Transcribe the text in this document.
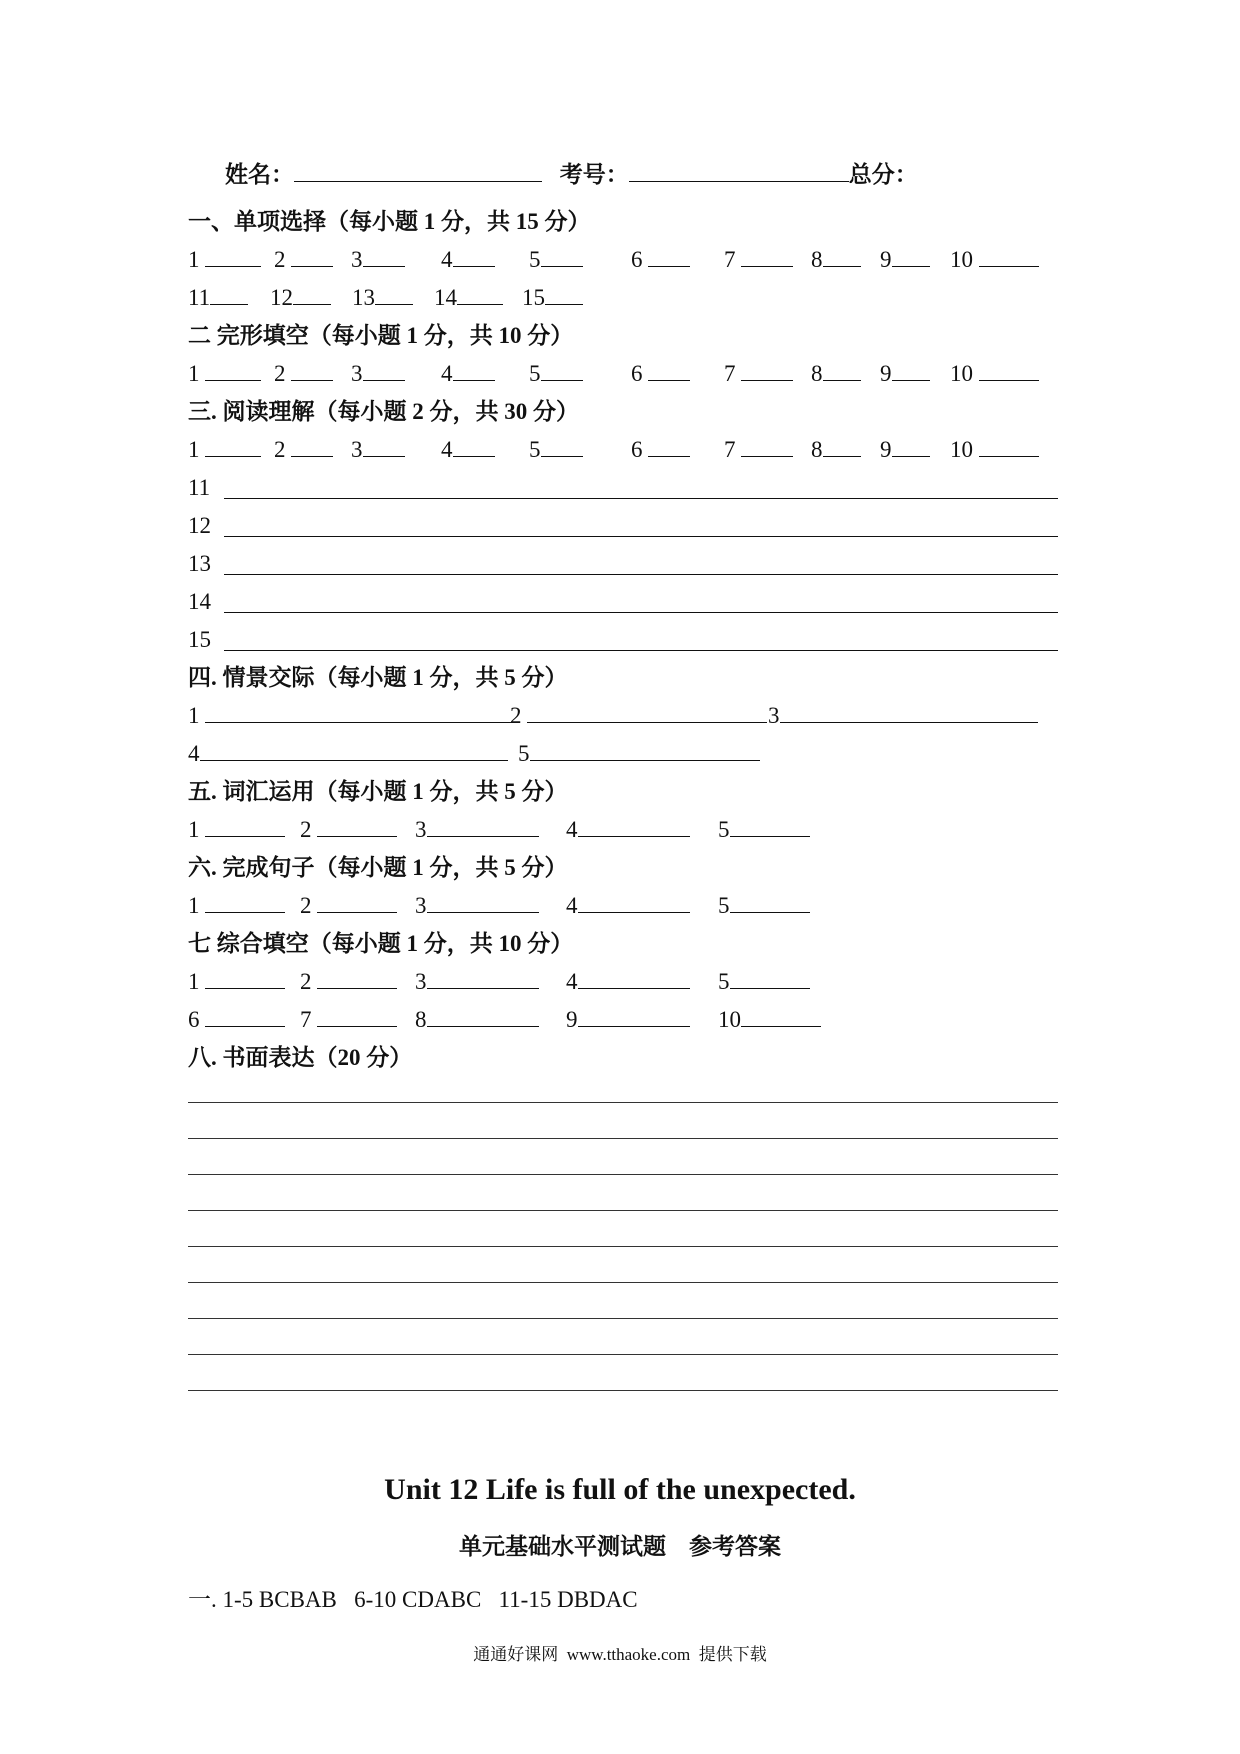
姓名：	考号：	总分：
一、单项选择（每小题 1 分，共 15 分）
1	2	3	4	5	6	7	8	9	10
11	12	13	14	15
二 完形填空（每小题 1 分，共 10 分）
1	2	3	4	5	6	7	8	9	10
三. 阅读理解（每小题 2 分，共 30 分）
1	2	3	4	5	6	7	8	9	10
11
12
13
14
15
四. 情景交际（每小题 1 分，共 5 分）
1	2	3
4	5
五. 词汇运用（每小题 1 分，共 5 分）
1	2	3	4	5
六. 完成句子（每小题 1 分，共 5 分）
1	2	3	4	5
七 综合填空（每小题 1 分，共 10 分）
1	2	3	4	5
6	7	8	9	10
八. 书面表达（20 分）
Unit 12 Life is full of the unexpected.
单元基础水平测试题    参考答案
一. 1-5 BCBAB   6-10 CDABC   11-15 DBDAC
通通好课网  www.tthaoke.com  提供下载
